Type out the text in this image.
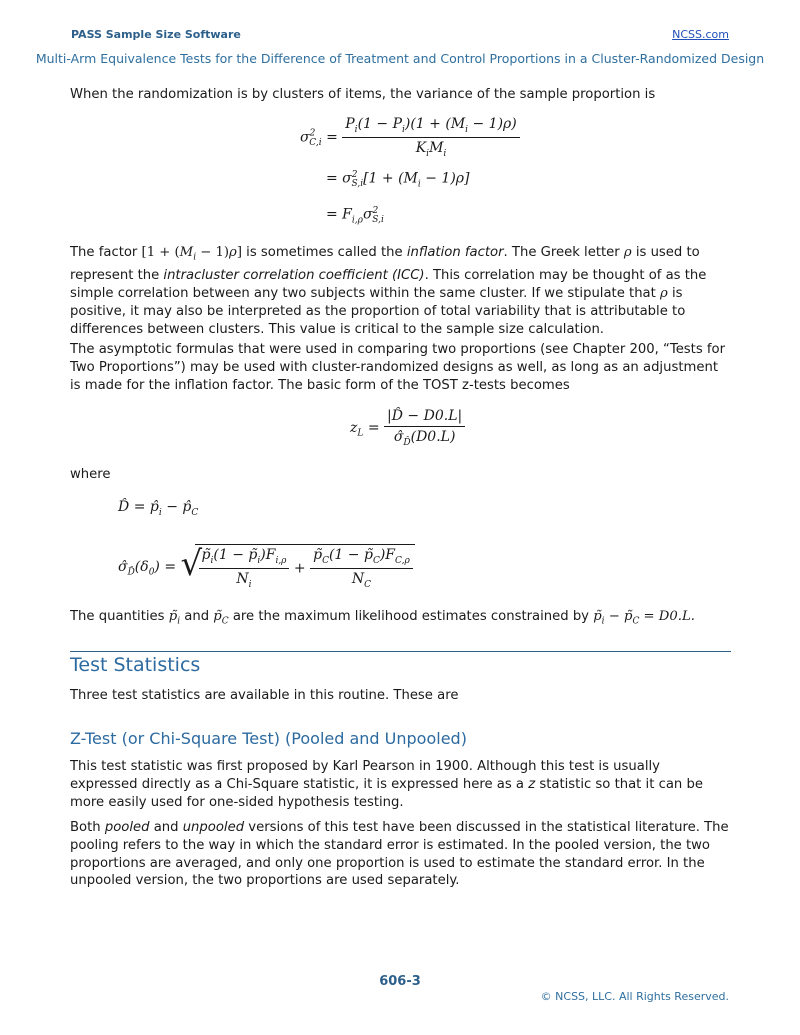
PASS Sample Size Software	NCSS.com
Multi-Arm Equivalence Tests for the Difference of Treatment and Control Proportions in a Cluster-Randomized Design
When the randomization is by clusters of items, the variance of the sample proportion is
$\sigma^2_{C,i} = \frac{P_i(1 - P_i)(1 + (M_i - 1)\rho)}{K_iM_i}$
= $\sigma^2_{S,i}[1 + (M_i - 1)\rho]$
= $F_{i,\rho}\sigma^2_{S,i}$
The factor $[1 + (M_i - 1)\rho]$ is sometimes called the inflation factor. The Greek letter ρ is used to represent the intracluster correlation coefficient (ICC). This correlation may be thought of as the simple correlation between any two subjects within the same cluster. If we stipulate that ρ is positive, it may also be interpreted as the proportion of total variability that is attributable to differences between clusters. This value is critical to the sample size calculation.
The asymptotic formulas that were used in comparing two proportions (see Chapter 200, “Tests for Two Proportions”) may be used with cluster-randomized designs as well, as long as an adjustment is made for the inflation factor. The basic form of the TOST z-tests becomes
$z_L = \frac{|D̂ - D0.L|}{\sigmâ_{D̂}(D0.L)}$
where
D̂ = $p̂_i$ − $p̂_C$
$\sigmâ_{D̂}(\delta_0)$ = √
$\frac{p̃_i(1 - p̃_i)F_{i,\rho}}{N_i} + \frac{p̃_C(1 - p̃_C)F_{C,\rho}}{N_C}$
The quantities $p̃_i$ and $p̃_C$ are the maximum likelihood estimates constrained by $p̃_i$ − $p̃_C = D0.L$.
Test Statistics
Three test statistics are available in this routine. These are
Z-Test (or Chi-Square Test) (Pooled and Unpooled)
This test statistic was first proposed by Karl Pearson in 1900. Although this test is usually expressed directly as a Chi-Square statistic, it is expressed here as a z statistic so that it can be more easily used for one-sided hypothesis testing.
Both pooled and unpooled versions of this test have been discussed in the statistical literature. The pooling refers to the way in which the standard error is estimated. In the pooled version, the two proportions are averaged, and only one proportion is used to estimate the standard error. In the unpooled version, the two proportions are used separately.
606-3
© NCSS, LLC. All Rights Reserved.
